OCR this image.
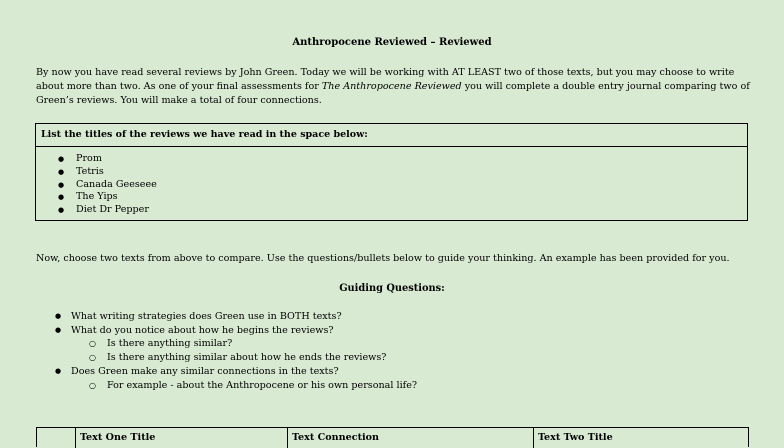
Anthropocene Reviewed – Reviewed
By now you have read several reviews by John Green. Today we will be working with AT LEAST two of those texts, but you may choose to write about more than two. As one of your final assessments for The Anthropocene Reviewed you will complete a double entry journal comparing two of Green’s reviews. You will make a total of four connections.
List the titles of the reviews we have read in the space below:
● Prom
● Tetris
● Canada Geeseee
● The Yips
● Diet Dr Pepper
Now, choose two texts from above to compare. Use the questions/bullets below to guide your thinking. An example has been provided for you.
Guiding Questions:
● What writing strategies does Green use in BOTH texts?
● What do you notice about how he begins the reviews?
○ Is there anything similar?
○ Is there anything similar about how he ends the reviews?
● Does Green make any similar connections in the texts?
○ For example - about the Anthropocene or his own personal life?
Text One Title	Text Connection	Text Two Title
